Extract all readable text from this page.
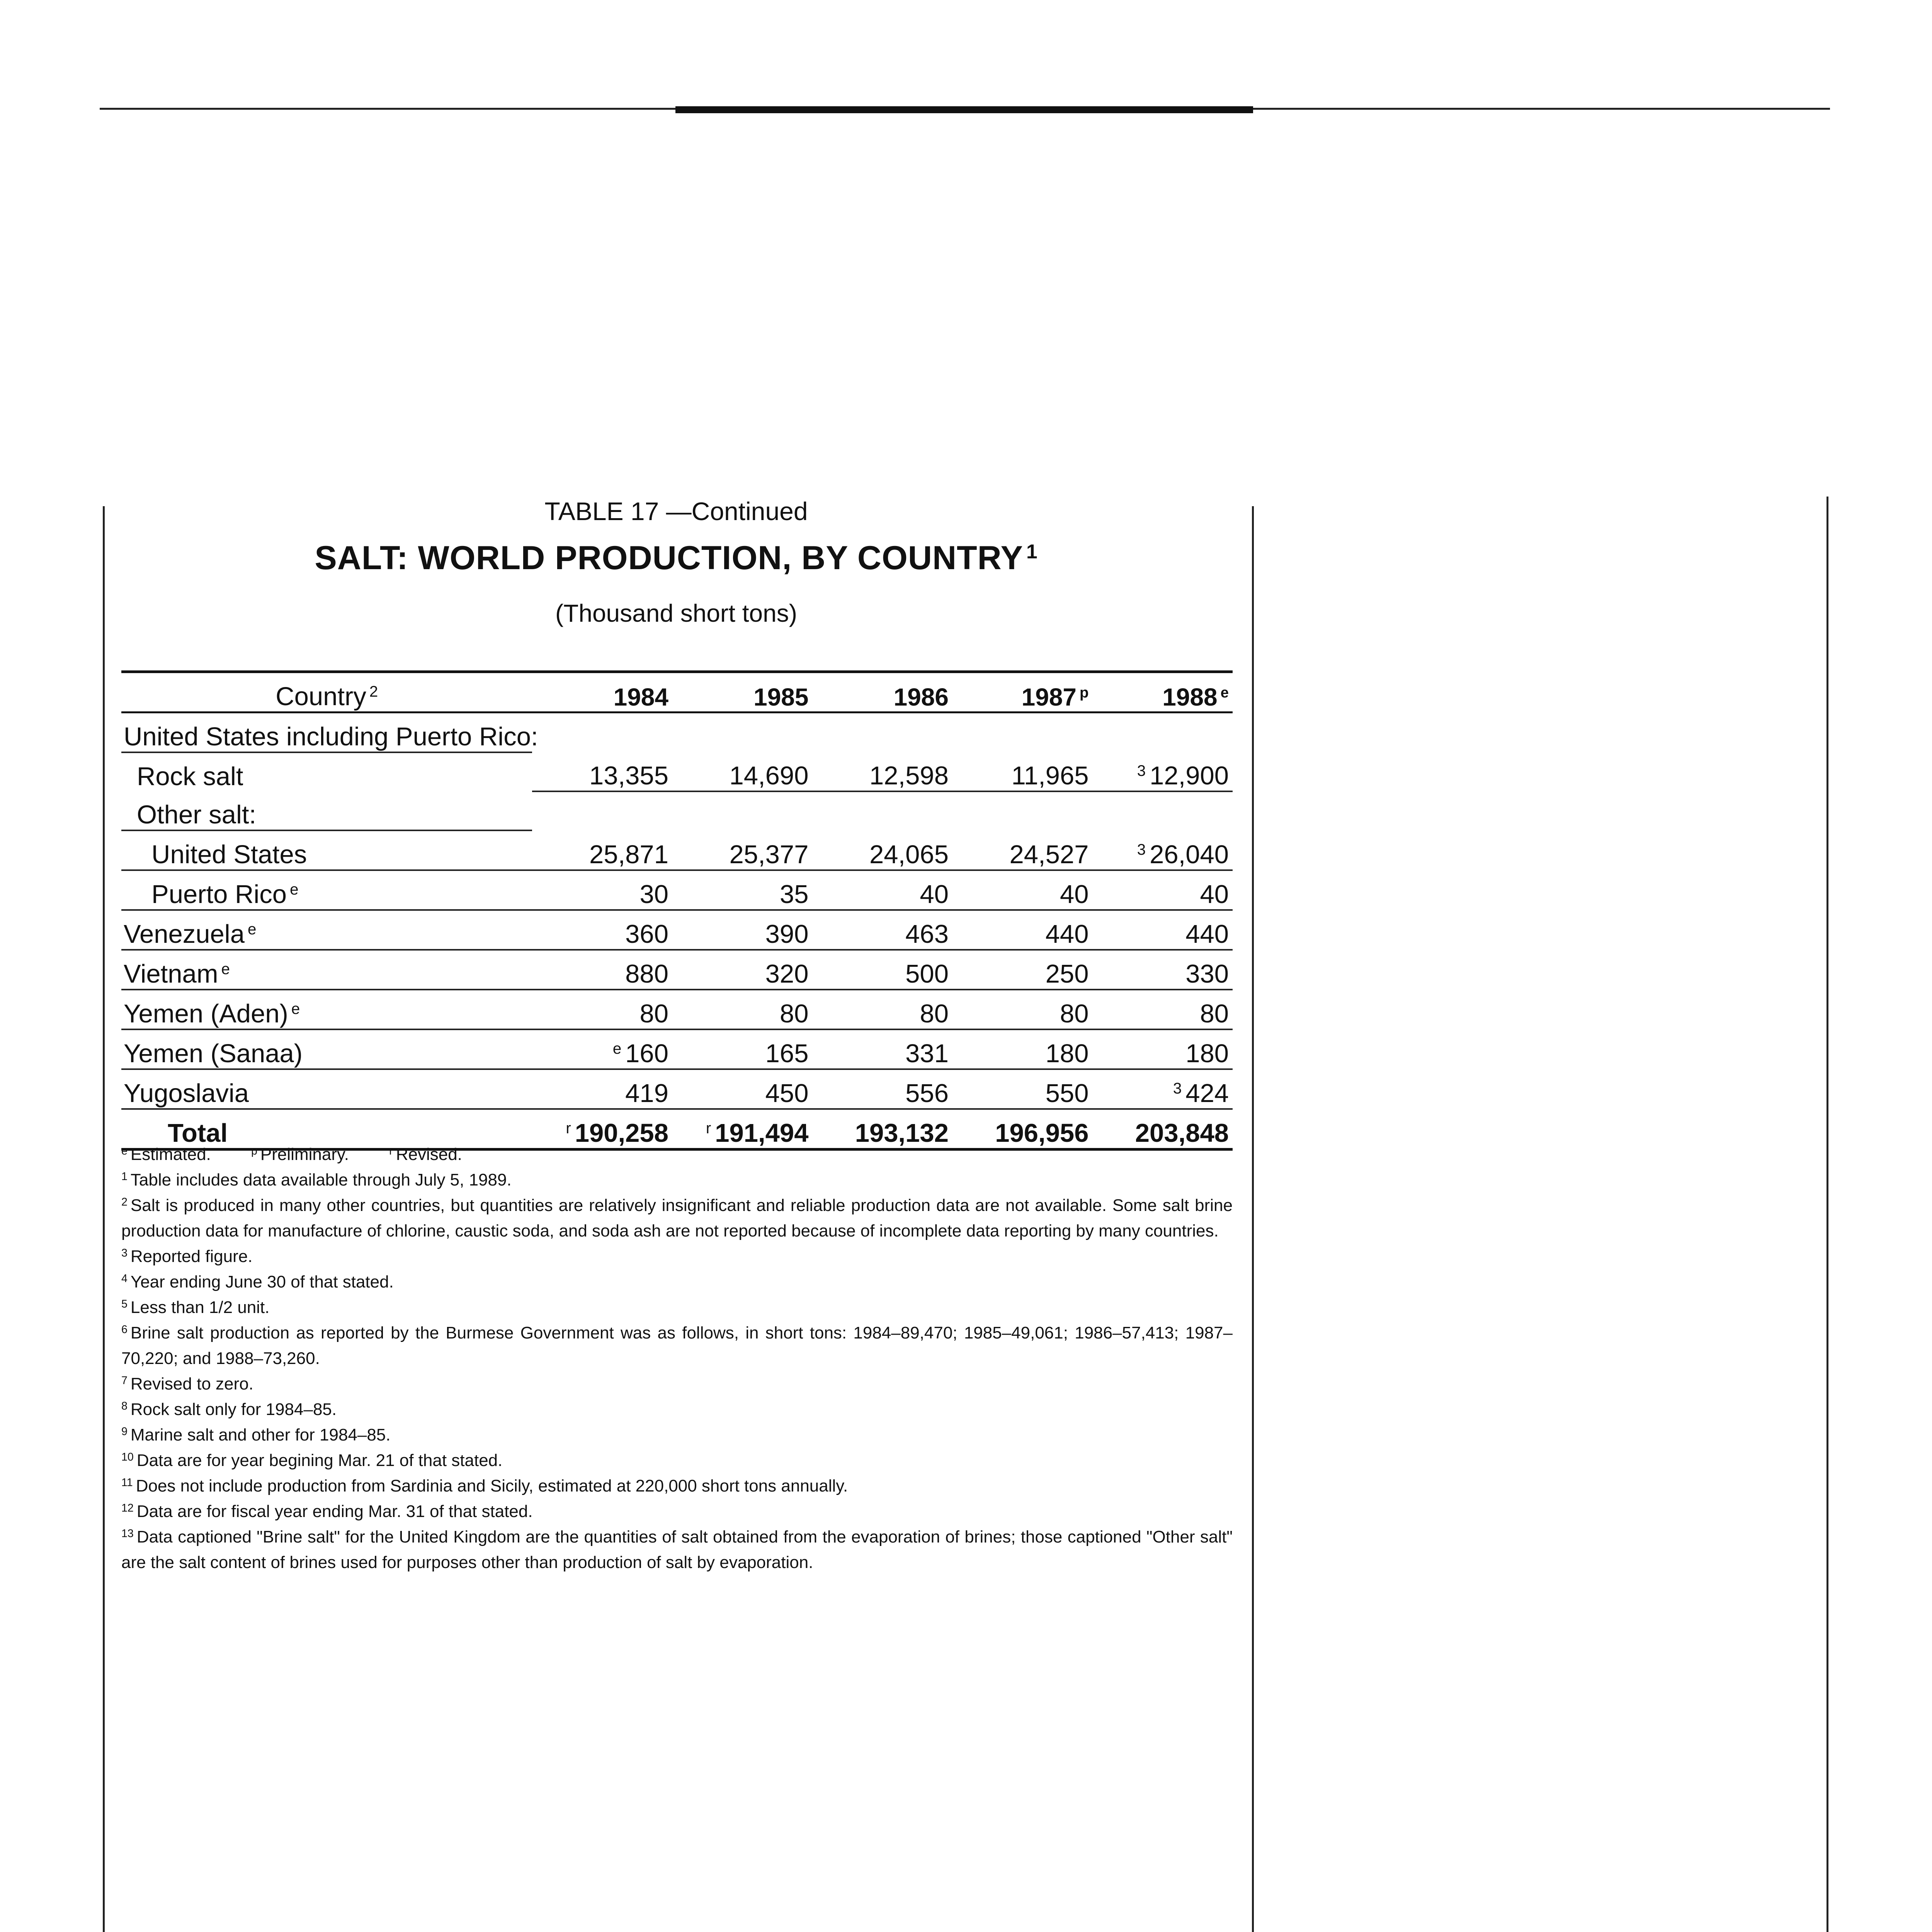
TABLE 17 —Continued
SALT: WORLD PRODUCTION, BY COUNTRY $^1$
(Thousand short tons)
Country $^2$	1984	1985	1986	1987 $^p$	1988 $^e$
United States including Puerto Rico:					
Rock salt	13,355	14,690	12,598	11,965	$^3$ 12,900
Other salt:					
United States	25,871	25,377	24,065	24,527	$^3$ 26,040
Puerto Rico $^e$	30	35	40	40	40
Venezuela $^e$	360	390	463	440	440
Vietnam $^e$	880	320	500	250	330
Yemen (Aden) $^e$	80	80	80	80	80
Yemen (Sanaa)	$^e$ 160	165	331	180	180
Yugoslavia	419	450	556	550	$^3$ 424
Total	$^r$ 190,258	$^r$ 191,494	193,132	196,956	203,848

$^e$ Estimated.	$^p$ Preliminary.	$^r$ Revised.

$^1$ Table includes data available through July 5, 1989.

$^2$ Salt is produced in many other countries, but quantities are relatively insignificant and reliable production data are not available. Some salt brine production data for manufacture of chlorine, caustic soda, and soda ash are not reported because of incomplete data reporting by many countries.

$^3$ Reported figure.

$^4$ Year ending June 30 of that stated.

$^5$ Less than 1/2 unit.

$^6$ Brine salt production as reported by the Burmese Government was as follows, in short tons: 1984–89,470; 1985–49,061; 1986–57,413; 1987–70,220; and 1988–73,260.

$^7$ Revised to zero.

$^8$ Rock salt only for 1984–85.

$^9$ Marine salt and other for 1984–85.

$^{10}$ Data are for year begining Mar. 21 of that stated.

$^{11}$ Does not include production from Sardinia and Sicily, estimated at 220,000 short tons annually.

$^{12}$ Data are for fiscal year ending Mar. 31 of that stated.

$^{13}$ Data captioned "Brine salt" for the United Kingdom are the quantities of salt obtained from the evaporation of brines; those captioned "Other salt" are the salt content of brines used for purposes other than production of salt by evaporation.
